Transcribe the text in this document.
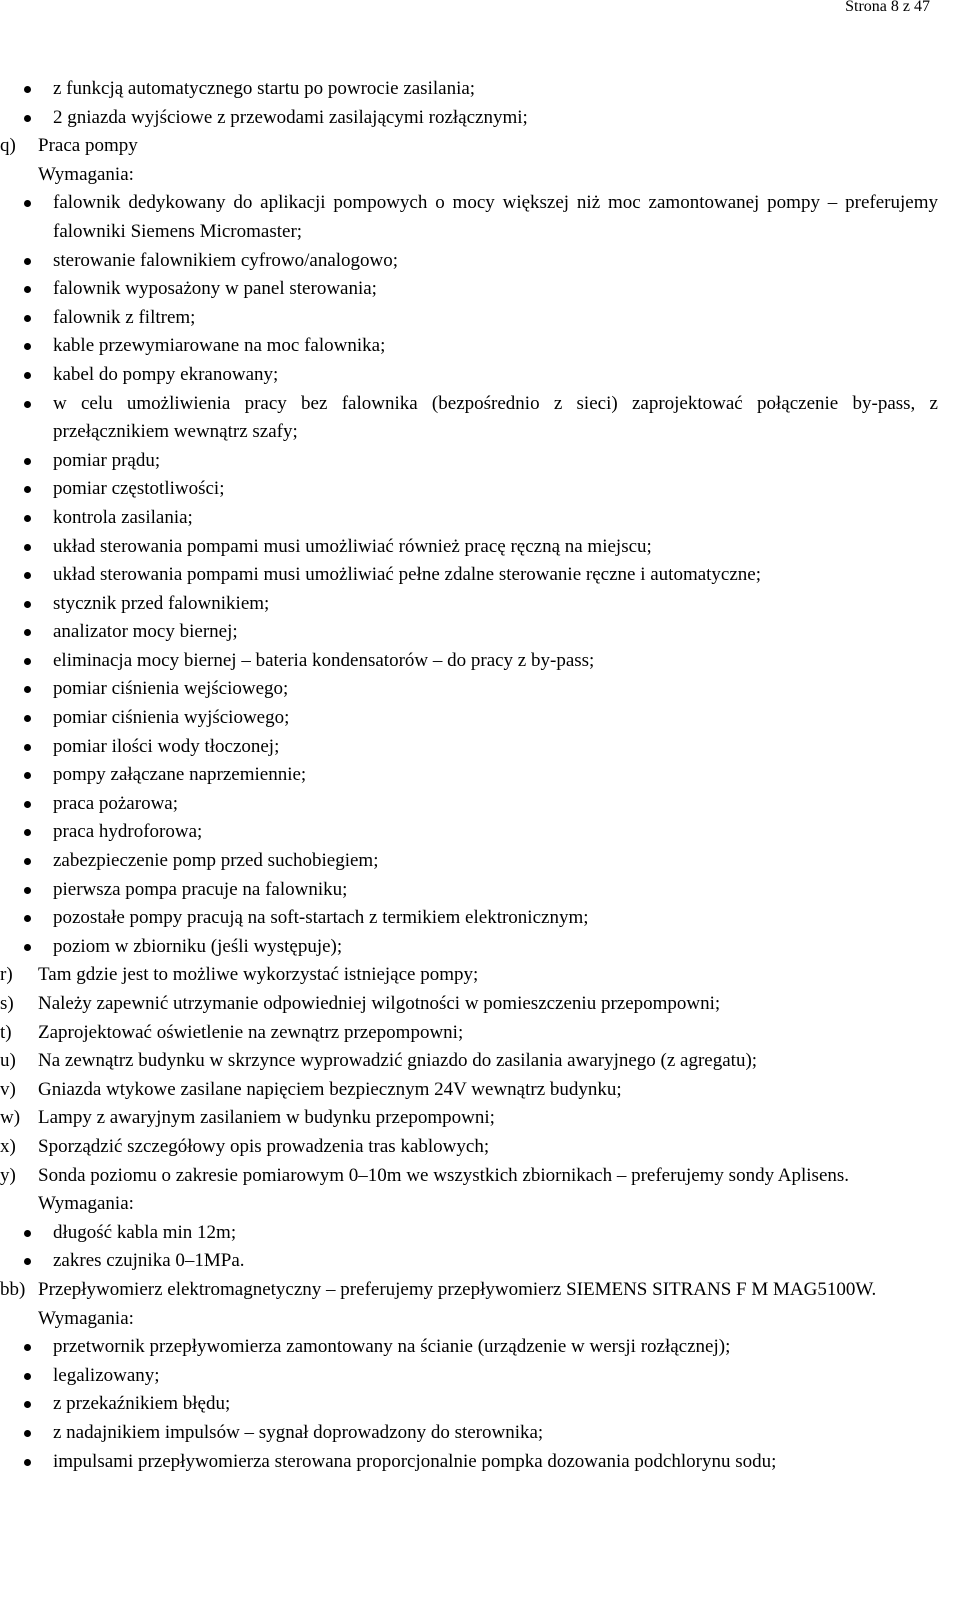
Strona 8 z 47
z funkcją automatycznego startu po powrocie zasilania;
2 gniazda wyjściowe z przewodami zasilającymi rozłącznymi;
q) Praca pompy
Wymagania:
falownik dedykowany do aplikacji pompowych o mocy większej niż moc zamontowanej pompy – preferujemy falowniki Siemens Micromaster;
sterowanie falownikiem cyfrowo/analogowo;
falownik wyposażony w panel sterowania;
falownik z filtrem;
kable przewymiarowane na moc falownika;
kabel do pompy ekranowany;
w celu umożliwienia pracy bez falownika (bezpośrednio z sieci) zaprojektować połączenie by-pass, z przełącznikiem wewnątrz szafy;
pomiar prądu;
pomiar częstotliwości;
kontrola zasilania;
układ sterowania pompami musi umożliwiać również pracę ręczną na miejscu;
układ sterowania pompami musi umożliwiać pełne zdalne sterowanie ręczne i automatyczne;
stycznik przed falownikiem;
analizator mocy biernej;
eliminacja mocy biernej – bateria kondensatorów – do pracy z by-pass;
pomiar ciśnienia wejściowego;
pomiar ciśnienia wyjściowego;
pomiar ilości wody tłoczonej;
pompy załączane naprzemiennie;
praca pożarowa;
praca hydroforowa;
zabezpieczenie pomp przed suchobiegiem;
pierwsza pompa pracuje na falowniku;
pozostałe pompy pracują na soft-startach z termikiem elektronicznym;
poziom w zbiorniku (jeśli występuje);
r) Tam gdzie jest to możliwe wykorzystać istniejące pompy;
s) Należy zapewnić utrzymanie odpowiedniej wilgotności w pomieszczeniu przepompowni;
t) Zaprojektować oświetlenie na zewnątrz przepompowni;
u) Na zewnątrz budynku w skrzynce wyprowadzić gniazdo do zasilania awaryjnego (z agregatu);
v) Gniazda wtykowe zasilane napięciem bezpiecznym 24V wewnątrz budynku;
w) Lampy z awaryjnym zasilaniem w budynku przepompowni;
x) Sporządzić szczegółowy opis prowadzenia tras kablowych;
y) Sonda poziomu o zakresie pomiarowym 0–10m we wszystkich zbiornikach – preferujemy sondy Aplisens.
Wymagania:
długość kabla min 12m;
zakres czujnika 0–1MPa.
bb) Przepływomierz elektromagnetyczny – preferujemy przepływomierz SIEMENS SITRANS F M MAG5100W.
Wymagania:
przetwornik przepływomierza zamontowany na ścianie (urządzenie w wersji rozłącznej);
legalizowany;
z przekaźnikiem błędu;
z nadajnikiem impulsów – sygnał doprowadzony do sterownika;
impulsami przepływomierza sterowana proporcjonalnie pompka dozowania podchlorynu sodu;
